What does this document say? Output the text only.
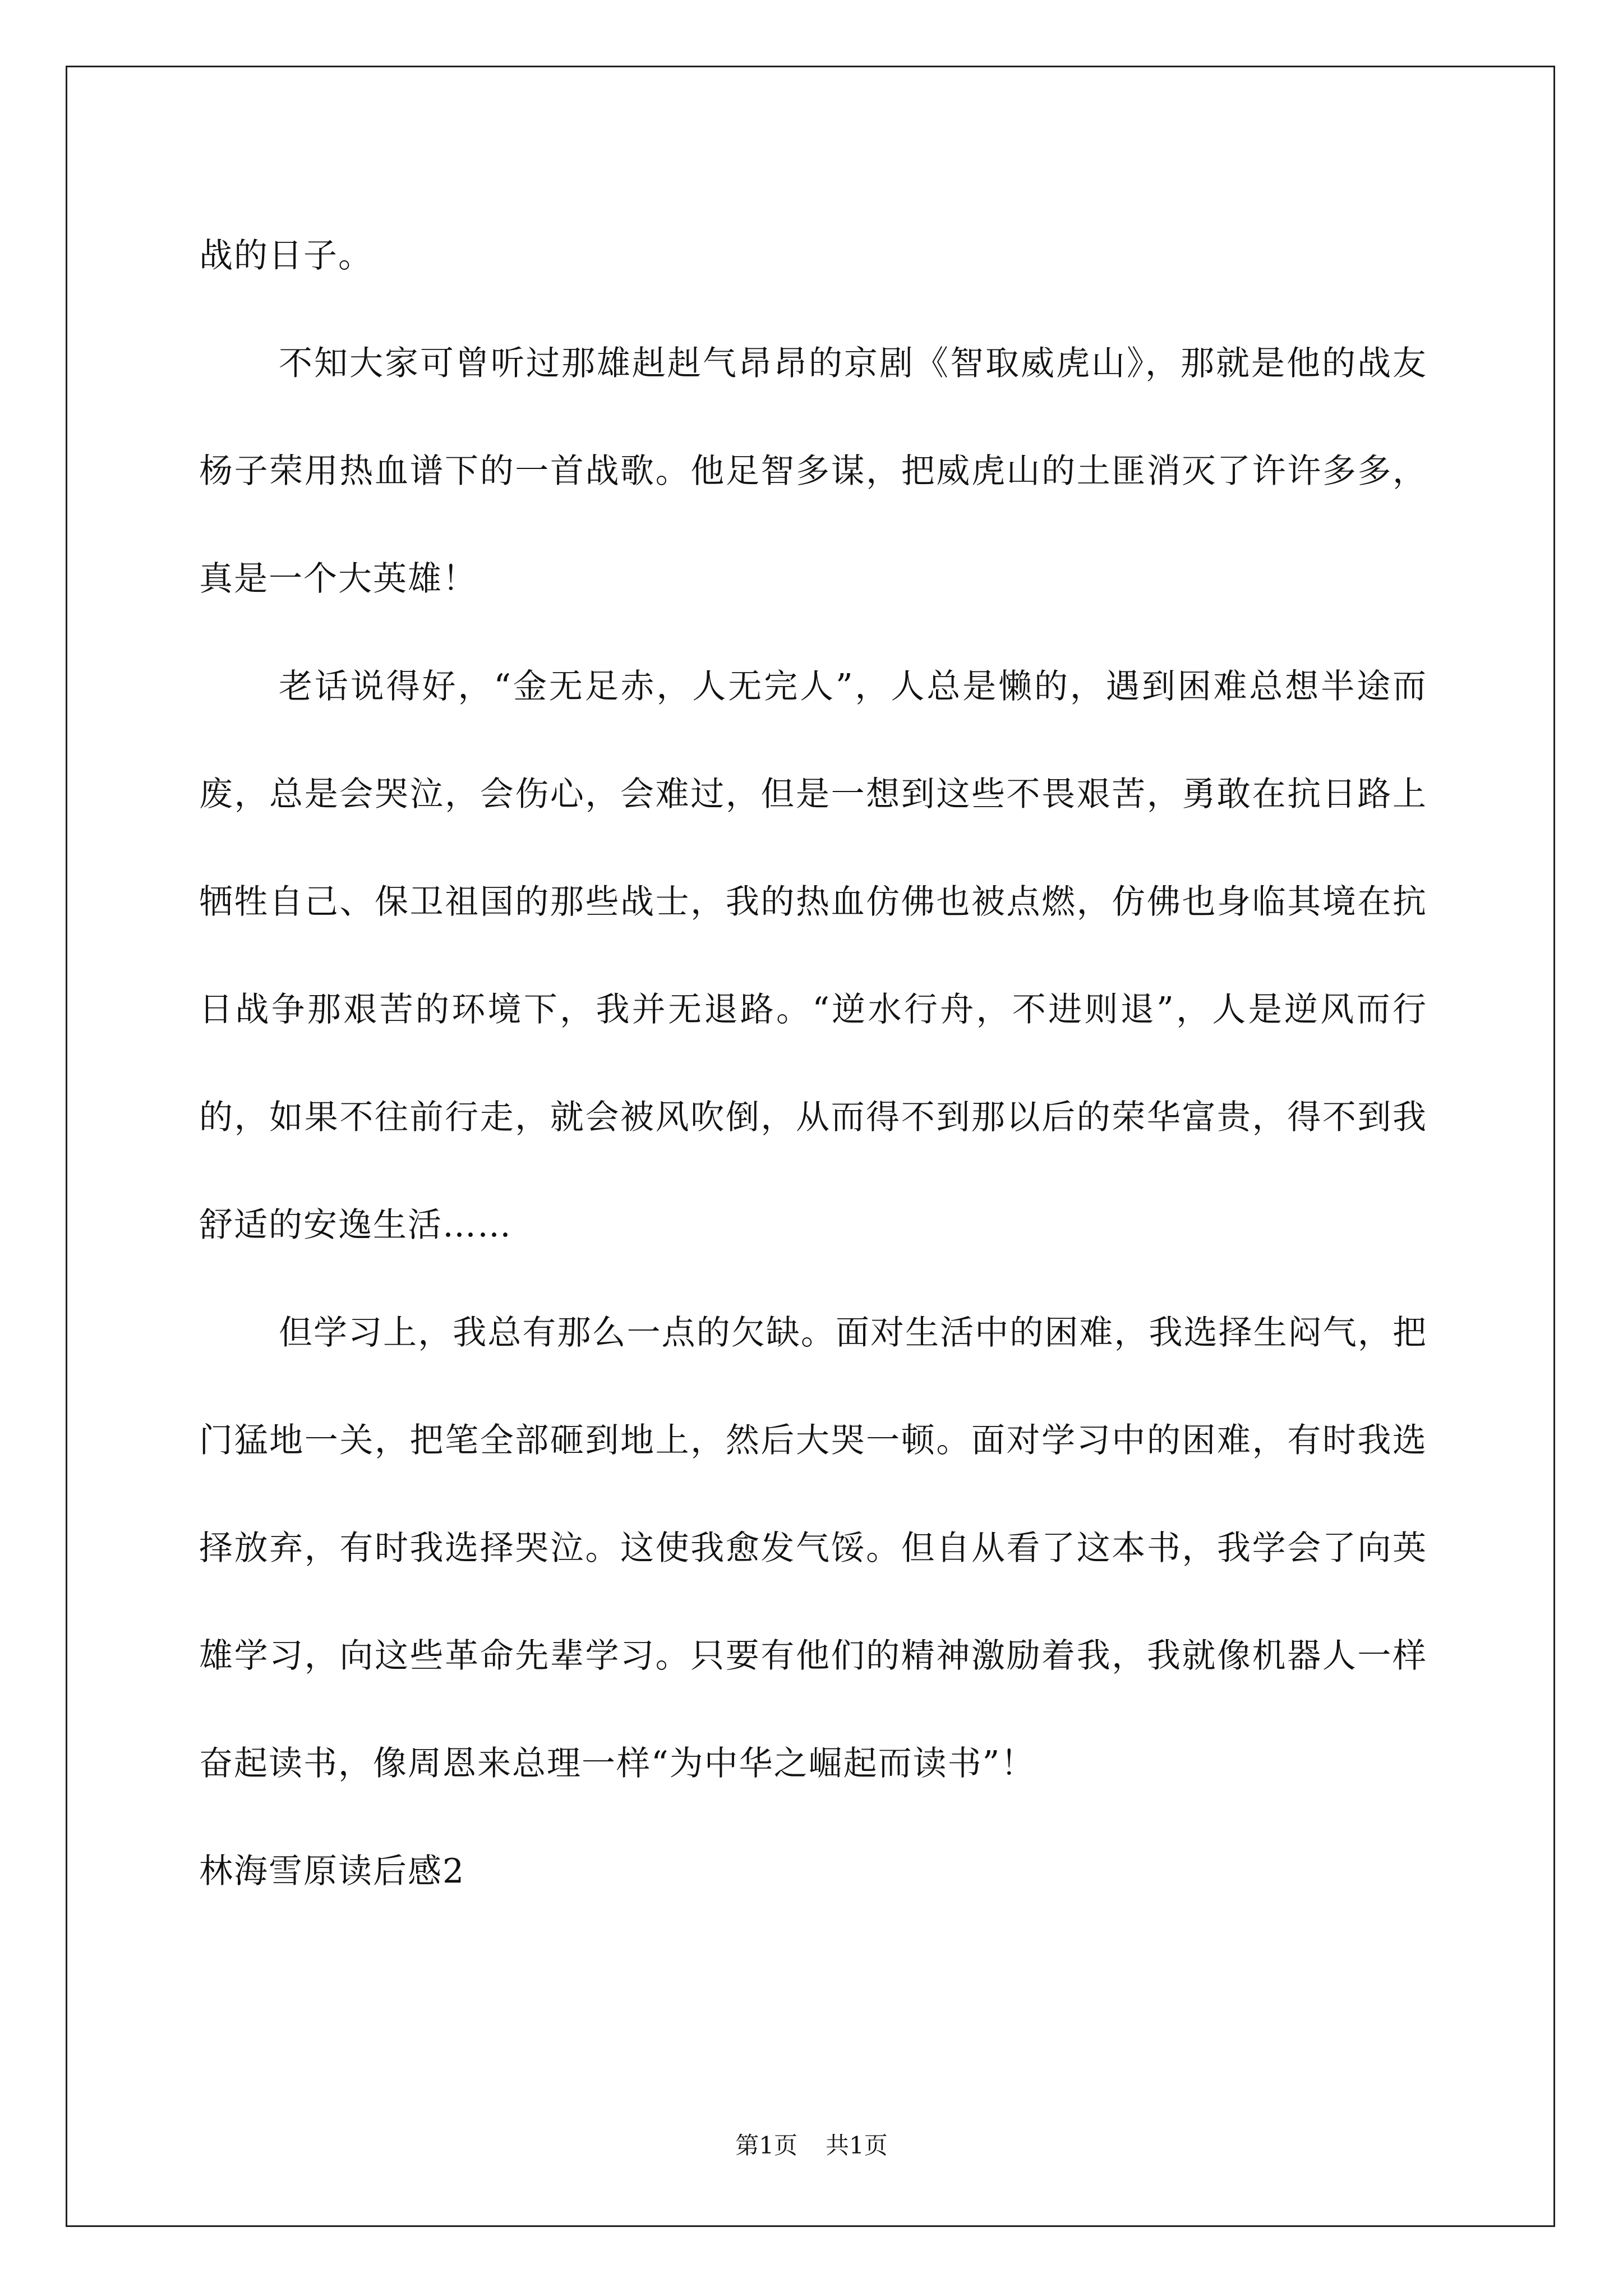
战的日子。

不知大家可曾听过那雄赳赳气昂昂的京剧《智取威虎山》，那就是他的战友杨子荣用热血谱下的一首战歌。他足智多谋，把威虎山的土匪消灭了许许多多，真是一个大英雄！

老话说得好，“金无足赤，人无完人”，人总是懒的，遇到困难总想半途而废，总是会哭泣，会伤心，会难过，但是一想到这些不畏艰苦，勇敢在抗日路上牺牲自己、保卫祖国的那些战士，我的热血仿佛也被点燃，仿佛也身临其境在抗日战争那艰苦的环境下，我并无退路。“逆水行舟，不进则退”，人是逆风而行的，如果不往前行走，就会被风吹倒，从而得不到那以后的荣华富贵，得不到我舒适的安逸生活……

但学习上，我总有那么一点的欠缺。面对生活中的困难，我选择生闷气，把门猛地一关，把笔全部砸到地上，然后大哭一顿。面对学习中的困难，有时我选择放弃，有时我选择哭泣。这使我愈发气馁。但自从看了这本书，我学会了向英雄学习，向这些革命先辈学习。只要有他们的精神激励着我，我就像机器人一样奋起读书，像周恩来总理一样“为中华之崛起而读书”！

林海雪原读后感2

第1页 共1页
